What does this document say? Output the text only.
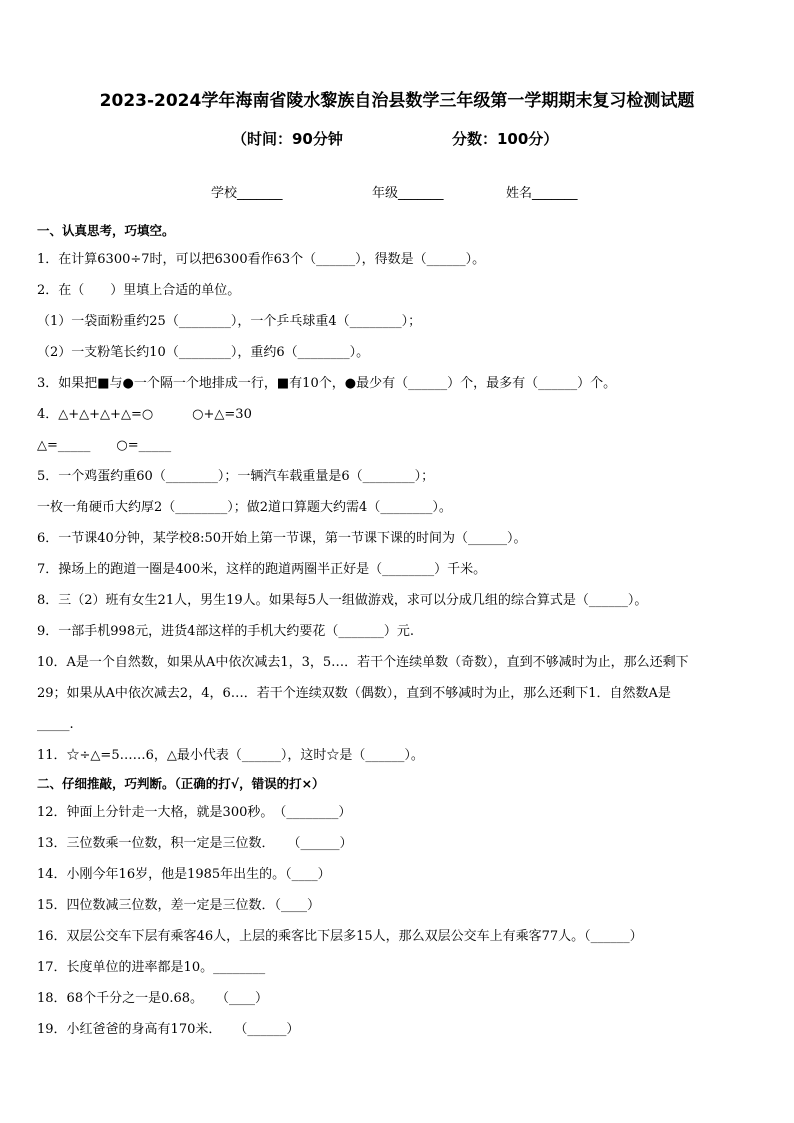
2023-2024学年海南省陵水黎族自治县数学三年级第一学期期末复习检测试题
（时间：90分钟	分数：100分）
学校_______	年级_______	姓名_______
一、认真思考，巧填空。
1．在计算6300÷7时，可以把6300看作63个（______），得数是（______）。
2．在（　　）里填上合适的单位。
（1）一袋面粉重约25（________），一个乒乓球重4（________）；
（2）一支粉笔长约10（________），重约6（________）。
3．如果把■与●一个隔一个地排成一行，■有10个，●最少有（______）个，最多有（______）个。
4．△+△+△+△=○　　　○+△=30
△=_____　　○=_____
5．一个鸡蛋约重60（________）；一辆汽车载重量是6（________）；
一枚一角硬币大约厚2（________）；做2道口算题大约需4（________）。
6．一节课40分钟，某学校8:50开始上第一节课，第一节课下课的时间为（______）。
7．操场上的跑道一圈是400米，这样的跑道两圈半正好是（________）千米。
8．三（2）班有女生21人，男生19人。如果每5人一组做游戏，求可以分成几组的综合算式是（______）。
9．一部手机998元，进货4部这样的手机大约要花（_______）元.
10．A是一个自然数，如果从A中依次减去1，3，5…．若干个连续单数（奇数），直到不够减时为止，那么还剩下
29；如果从A中依次减去2，4，6…．若干个连续双数（偶数），直到不够减时为止，那么还剩下1．自然数A是
_____.
11．☆÷△=5……6，△最小代表（______），这时☆是（______）。
二、仔细推敲，巧判断。（正确的打√，错误的打×）
12．钟面上分针走一大格，就是300秒。　（________）
13．三位数乘一位数，积一定是三位数．　　（______）
14．小刚今年16岁，他是1985年出生的。（____）
15．四位数减三位数，差一定是三位数．（____）
16．双层公交车下层有乘客46人，上层的乘客比下层多15人，那么双层公交车上有乘客77人。（______）
17．长度单位的进率都是10。________
18．68个千分之一是0.68。　　（____）
19．小红爸爸的身高有170米．　　（______）
